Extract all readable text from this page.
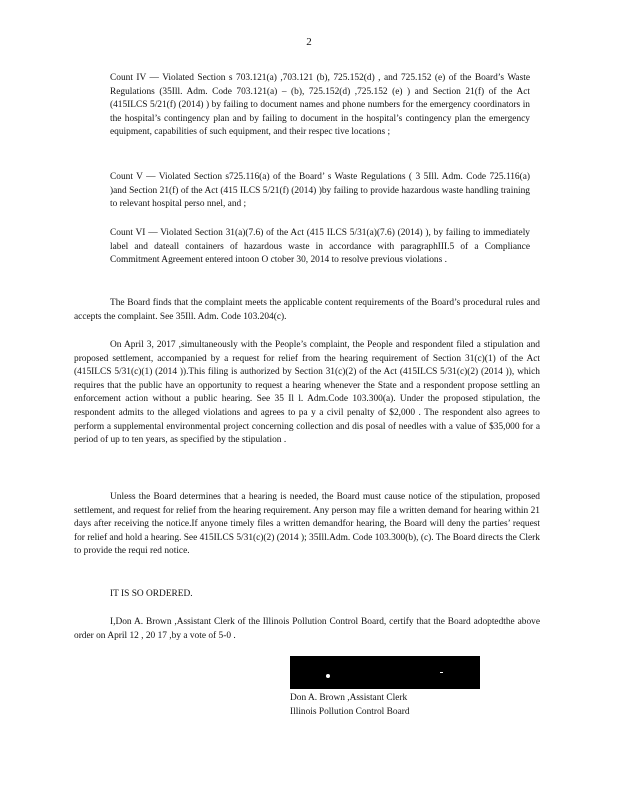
2
Count IV — Violated Section s 703.121(a) ,703.121 (b), 725.152(d) , and 725.152 (e) of the Board’s Waste Regulations (35Ill. Adm. Code 703.121(a) – (b), 725.152(d) ,725.152 (e) ) and Section 21(f) of the Act (415ILCS 5/21(f) (2014) ) by failing to document names and phone numbers for the emergency coordinators in the hospital’s contingency plan and by failing to document in the hospital’s contingency plan the emergency equipment, capabilities of such equipment, and their respec tive locations ;
Count V — Violated Section s725.116(a) of the Board’ s Waste Regulations ( 3 5Ill. Adm. Code 725.116(a) )and Section 21(f) of the Act (415 ILCS 5/21(f) (2014) )by failing to provide hazardous waste handling training to relevant hospital perso nnel, and ;
Count VI — Violated Section 31(a)(7.6) of the Act (415 ILCS 5/31(a)(7.6) (2014) ), by failing to immediately label and dateall containers of hazardous waste in accordance with paragraphIII.5 of a Compliance Commitment Agreement entered intoon O ctober 30, 2014 to resolve previous violations .
The Board finds that the complaint meets the applicable content requirements of the Board’s procedural rules and accepts the complaint. See 35Ill. Adm. Code 103.204(c).
On April 3, 2017 ,simultaneously with the People’s complaint, the People and respondent filed a stipulation and proposed settlement, accompanied by a request for relief from the hearing requirement of Section 31(c)(1) of the Act (415ILCS 5/31(c)(1) (2014 )).This filing is authorized by Section 31(c)(2) of the Act (415ILCS 5/31(c)(2) (2014 )), which requires that the public have an opportunity to request a hearing whenever the State and a respondent propose settling an enforcement action without a public hearing. See 35 Il l. Adm.Code 103.300(a). Under the proposed stipulation, the respondent admits to the alleged violations and agrees to pa y a civil penalty of $2,000 . The respondent also agrees to perform a supplemental environmental project concerning collection and dis posal of needles with a value of $35,000 for a period of up to ten years, as specified by the stipulation .
Unless the Board determines that a hearing is needed, the Board must cause notice of the stipulation, proposed settlement, and request for relief from the hearing requirement. Any person may file a written demand for hearing within 21 days after receiving the notice.If anyone timely files a written demandfor hearing, the Board will deny the parties’ request for relief and hold a hearing. See 415ILCS 5/31(c)(2) (2014 ); 35Ill.Adm. Code 103.300(b), (c). The Board directs the Clerk to provide the requi red notice.
IT IS SO ORDERED.
I,Don A. Brown ,Assistant Clerk of the Illinois Pollution Control Board, certify that the Board adoptedthe above order on April 12 , 20 17 ,by a vote of 5-0 .
Don A. Brown ,Assistant Clerk
Illinois Pollution Control Board
